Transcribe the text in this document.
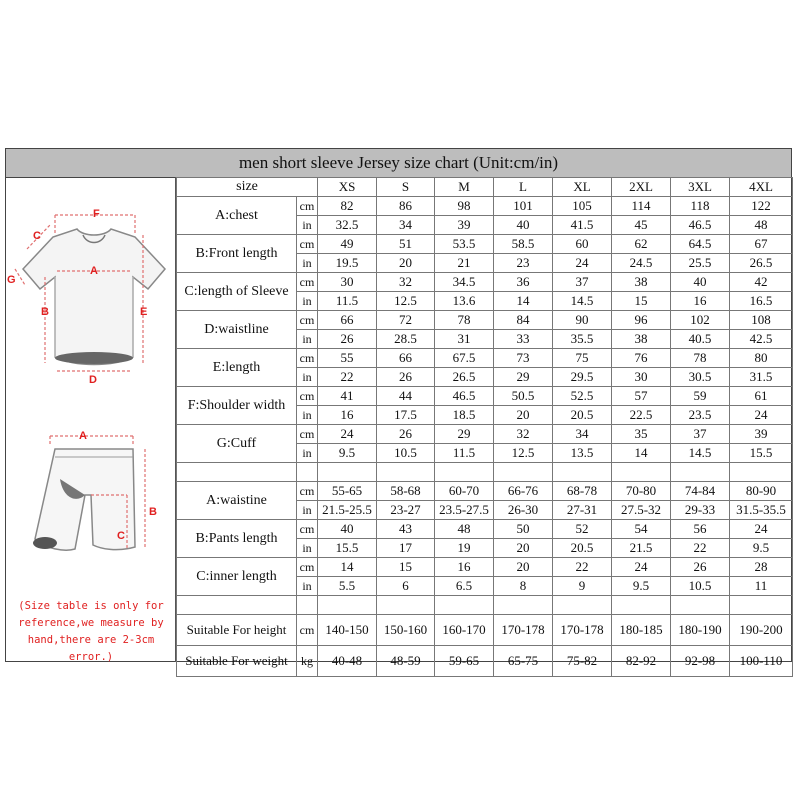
men short sleeve Jersey size chart (Unit:cm/in)
F
A
B	E
D
C
G
A
B
C
(Size table is only for reference,we measure by hand,there are 2-3cm error.)
size		XS	S	M	L	XL	2XL	3XL	4XL
A:chest	cm	82	86	98	101	105	114	118	122
	in	32.5	34	39	40	41.5	45	46.5	48
B:Front length	cm	49	51	53.5	58.5	60	62	64.5	67
	in	19.5	20	21	23	24	24.5	25.5	26.5
C:length of Sleeve	cm	30	32	34.5	36	37	38	40	42
	in	11.5	12.5	13.6	14	14.5	15	16	16.5
D:waistline	cm	66	72	78	84	90	96	102	108
	in	26	28.5	31	33	35.5	38	40.5	42.5
E:length	cm	55	66	67.5	73	75	76	78	80
	in	22	26	26.5	29	29.5	30	30.5	31.5
F:Shoulder width	cm	41	44	46.5	50.5	52.5	57	59	61
	in	16	17.5	18.5	20	20.5	22.5	23.5	24
G:Cuff	cm	24	26	29	32	34	35	37	39
	in	9.5	10.5	11.5	12.5	13.5	14	14.5	15.5

A:waistine	cm	55-65	58-68	60-70	66-76	68-78	70-80	74-84	80-90
	in	21.5-25.5	23-27	23.5-27.5	26-30	27-31	27.5-32	29-33	31.5-35.5
B:Pants length	cm	40	43	48	50	52	54	56	24
	in	15.5	17	19	20	20.5	21.5	22	9.5
C:inner length	cm	14	15	16	20	22	24	26	28
	in	5.5	6	6.5	8	9	9.5	10.5	11

Suitable For height	cm	140-150	150-160	160-170	170-178	170-178	180-185	180-190	190-200
Suitable For weight	kg	40-48	48-59	59-65	65-75	75-82	82-92	92-98	100-110
